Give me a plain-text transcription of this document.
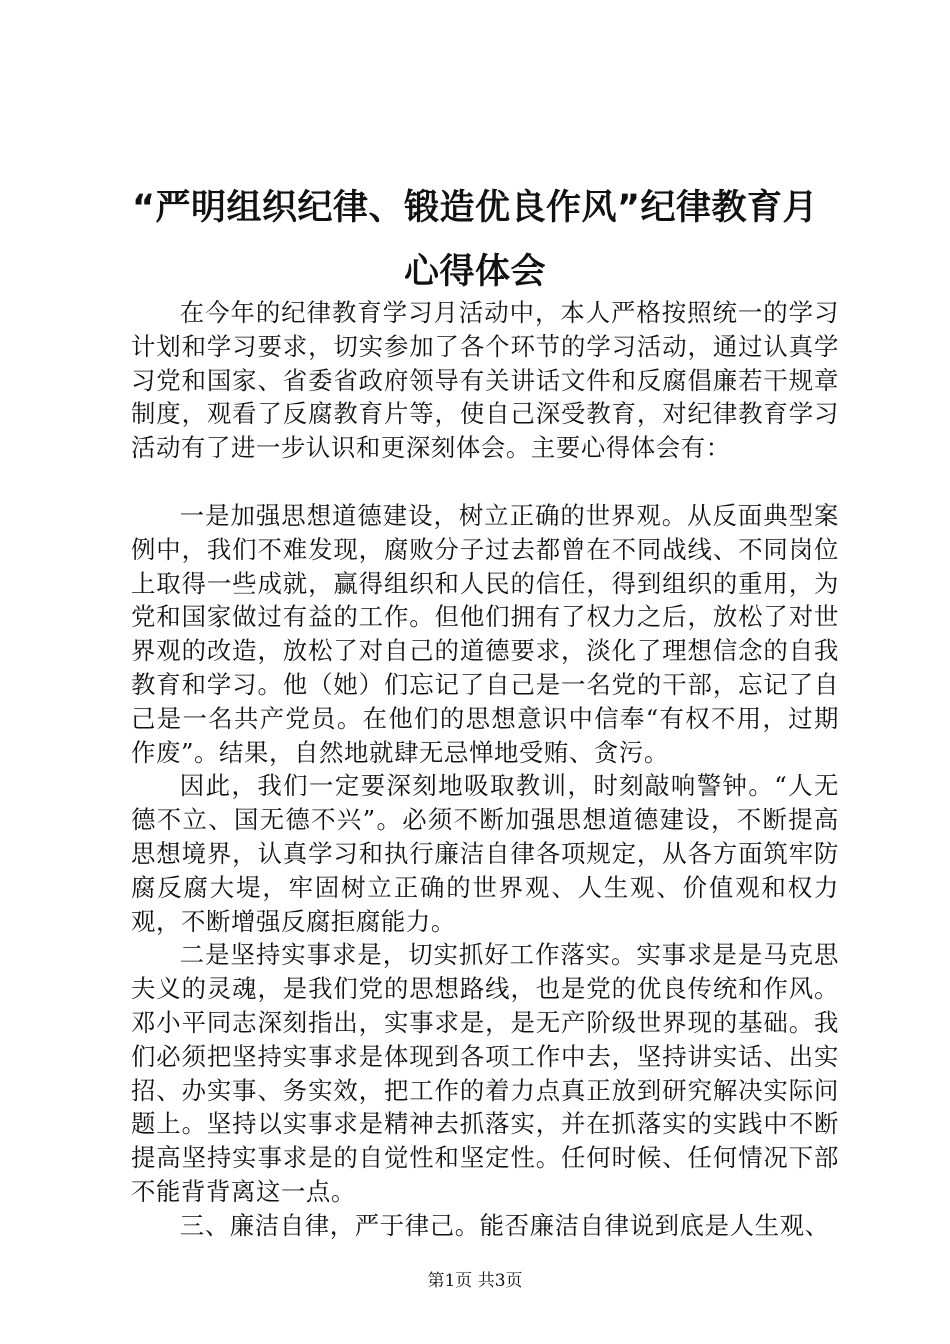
“严明组织纪律、锻造优良作风”纪律教育月心得体会

在今年的纪律教育学习月活动中，本人严格按照统一的学习计划和学习要求，切实参加了各个环节的学习活动，通过认真学习党和国家、省委省政府领导有关讲话文件和反腐倡廉若干规章制度，观看了反腐教育片等，使自己深受教育，对纪律教育学习活动有了进一步认识和更深刻体会。主要心得体会有：

一是加强思想道德建设，树立正确的世界观。从反面典型案例中，我们不难发现，腐败分子过去都曾在不同战线、不同岗位上取得一些成就，赢得组织和人民的信任，得到组织的重用，为党和国家做过有益的工作。但他们拥有了权力之后，放松了对世界观的改造，放松了对自己的道德要求，淡化了理想信念的自我教育和学习。他（她）们忘记了自己是一名党的干部，忘记了自己是一名共产党员。在他们的思想意识中信奉“有权不用，过期作废”。结果，自然地就肆无忌惮地受贿、贪污。

因此，我们一定要深刻地吸取教训，时刻敲响警钟。“人无德不立、国无德不兴”。必须不断加强思想道德建设，不断提高思想境界，认真学习和执行廉洁自律各项规定，从各方面筑牢防腐反腐大堤，牢固树立正确的世界观、人生观、价值观和权力观，不断增强反腐拒腐能力。

二是坚持实事求是，切实抓好工作落实。实事求是是马克思夫义的灵魂，是我们党的思想路线，也是党的优良传统和作风。邓小平同志深刻指出，实事求是，是无产阶级世界现的基础。我们必须把坚持实事求是体现到各项工作中去，坚持讲实话、出实招、办实事、务实效，把工作的着力点真正放到研究解决实际问题上。坚持以实事求是精神去抓落实，并在抓落实的实践中不断提高坚持实事求是的自觉性和坚定性。任何时候、任何情况下部不能背背离这一点。

三、廉洁自律，严于律己。能否廉洁自律说到底是人生观、

第1页 共3页
